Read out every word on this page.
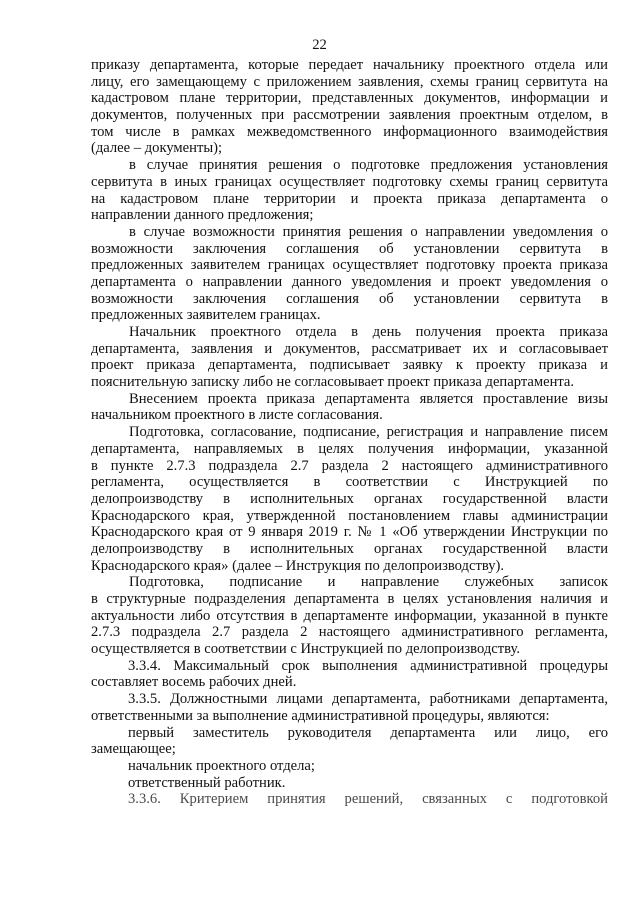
22
приказу департамента, которые передает начальнику проектного отдела или
лицу, его замещающему с приложением заявления, схемы границ сервитута на
кадастровом плане территории, представленных документов, информации и
документов, полученных при рассмотрении заявления проектным отделом, в
том числе в рамках межведомственного информационного взаимодействия
(далее – документы);
в случае принятия решения о подготовке предложения установления
сервитута в иных границах осуществляет подготовку схемы границ сервитута
на кадастровом плане территории и проекта приказа департамента о
направлении данного предложения;
в случае возможности принятия решения о направлении уведомления о
возможности заключения соглашения об установлении сервитута в
предложенных заявителем границах осуществляет подготовку проекта приказа
департамента о направлении данного уведомления и проект уведомления о
возможности заключения соглашения об установлении сервитута в
предложенных заявителем границах.
Начальник проектного отдела в день получения проекта приказа
департамента, заявления и документов, рассматривает их и согласовывает
проект приказа департамента, подписывает заявку к проекту приказа и
пояснительную записку либо не согласовывает проект приказа департамента.
Внесением проекта приказа департамента является проставление визы
начальником проектного в листе согласования.
Подготовка, согласование, подписание, регистрация и направление писем
департамента, направляемых в целях получения информации, указанной
в пункте 2.7.3 подраздела 2.7 раздела 2 настоящего административного
регламента, осуществляется в соответствии с Инструкцией по
делопроизводству в исполнительных органах государственной власти
Краснодарского края, утвержденной постановлением главы администрации
Краснодарского края от 9 января 2019 г. № 1 «Об утверждении Инструкции по
делопроизводству в исполнительных органах государственной власти
Краснодарского края» (далее – Инструкция по делопроизводству).
Подготовка, подписание и направление служебных записок
в структурные подразделения департамента в целях установления наличия и
актуальности либо отсутствия в департаменте информации, указанной в пункте
2.7.3 подраздела 2.7 раздела 2 настоящего административного регламента,
осуществляется в соответствии с Инструкцией по делопроизводству.
3.3.4. Максимальный срок выполнения административной процедуры
составляет восемь рабочих дней.
3.3.5. Должностными лицами департамента, работниками департамента,
ответственными за выполнение административной процедуры, являются:
первый заместитель руководителя департамента или лицо, его
замещающее;
начальник проектного отдела;
ответственный работник.
3.3.6. Критерием принятия решений, связанных с подготовкой
